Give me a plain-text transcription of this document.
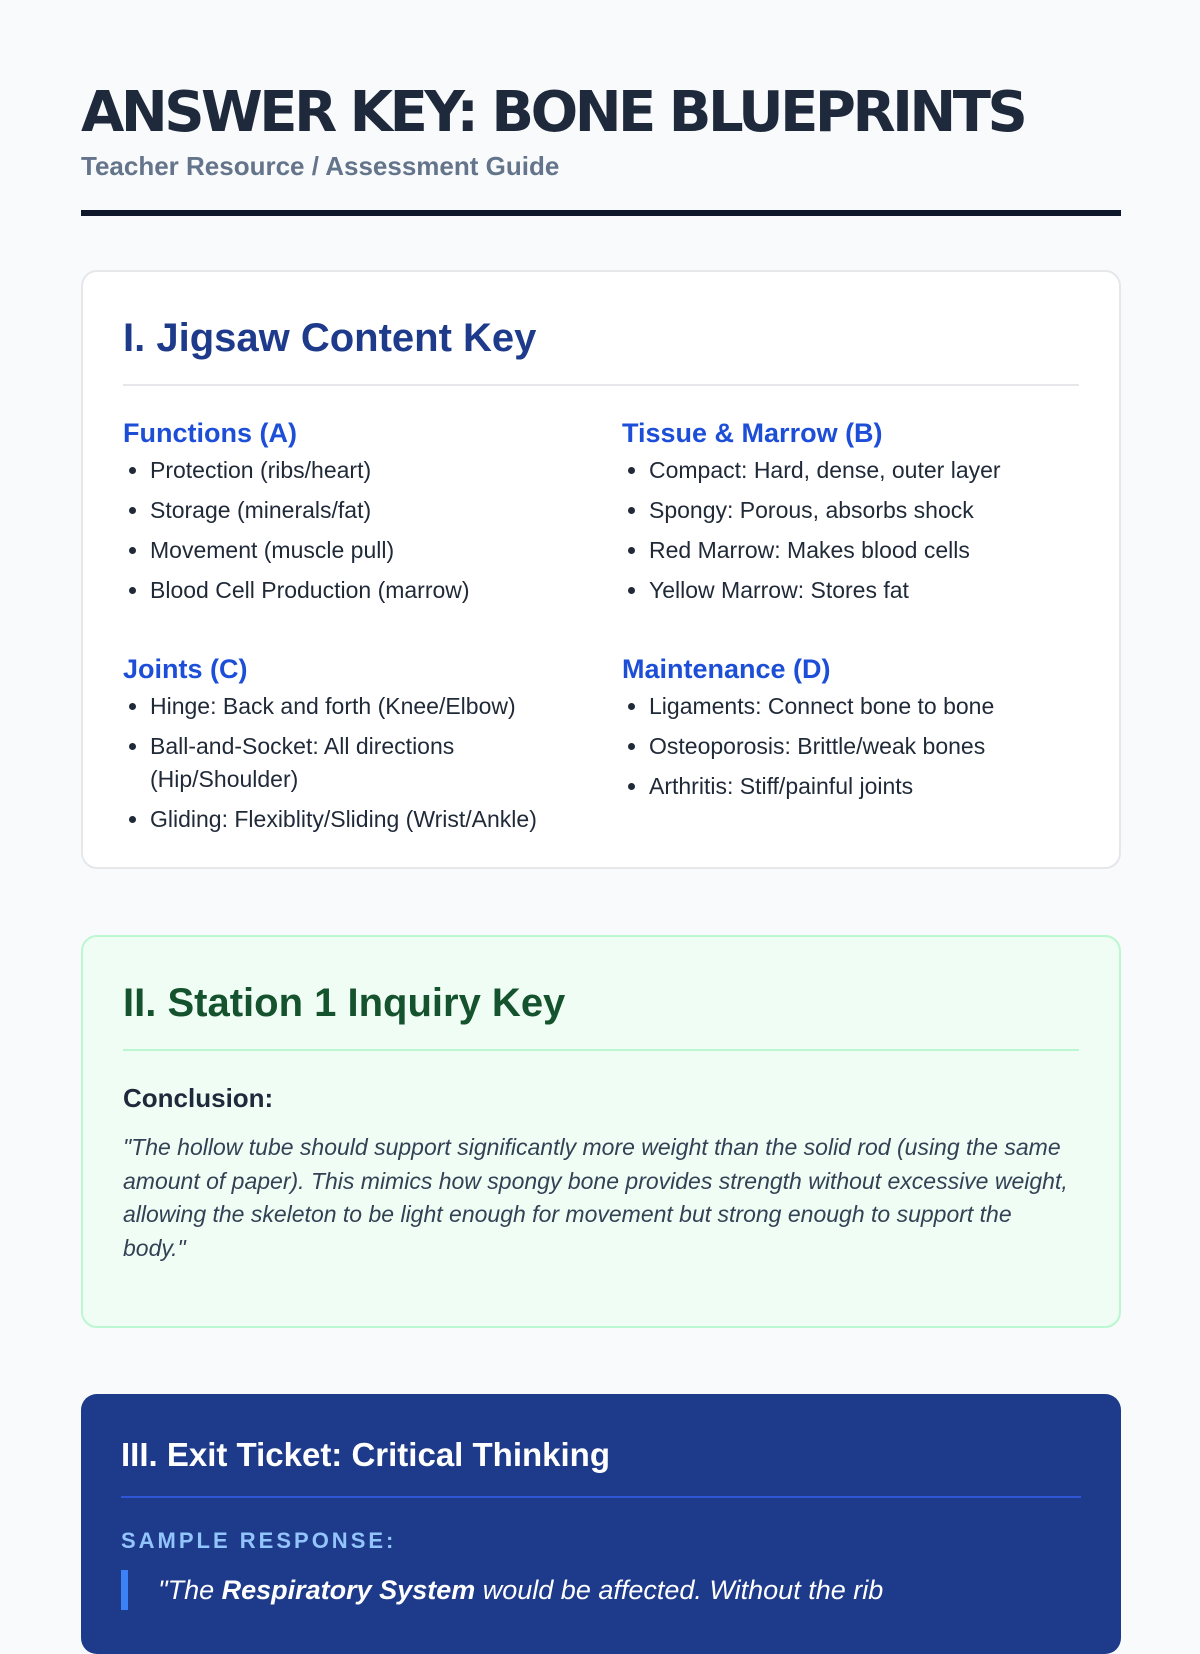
ANSWER KEY: BONE BLUEPRINTS
Teacher Resource / Assessment Guide
I. Jigsaw Content Key
Functions (A)
• Protection (ribs/heart)
• Storage (minerals/fat)
• Movement (muscle pull)
• Blood Cell Production (marrow)
Tissue & Marrow (B)
• Compact: Hard, dense, outer layer
• Spongy: Porous, absorbs shock
• Red Marrow: Makes blood cells
• Yellow Marrow: Stores fat
Joints (C)
• Hinge: Back and forth (Knee/Elbow)
• Ball-and-Socket: All directions (Hip/Shoulder)
• Gliding: Flexiblity/Sliding (Wrist/Ankle)
Maintenance (D)
• Ligaments: Connect bone to bone
• Osteoporosis: Brittle/weak bones
• Arthritis: Stiff/painful joints
II. Station 1 Inquiry Key
Conclusion:
"The hollow tube should support significantly more weight than the solid rod (using the same amount of paper). This mimics how spongy bone provides strength without excessive weight, allowing the skeleton to be light enough for movement but strong enough to support the body."
III. Exit Ticket: Critical Thinking
SAMPLE RESPONSE:
"The Respiratory System would be affected. Without the rib
